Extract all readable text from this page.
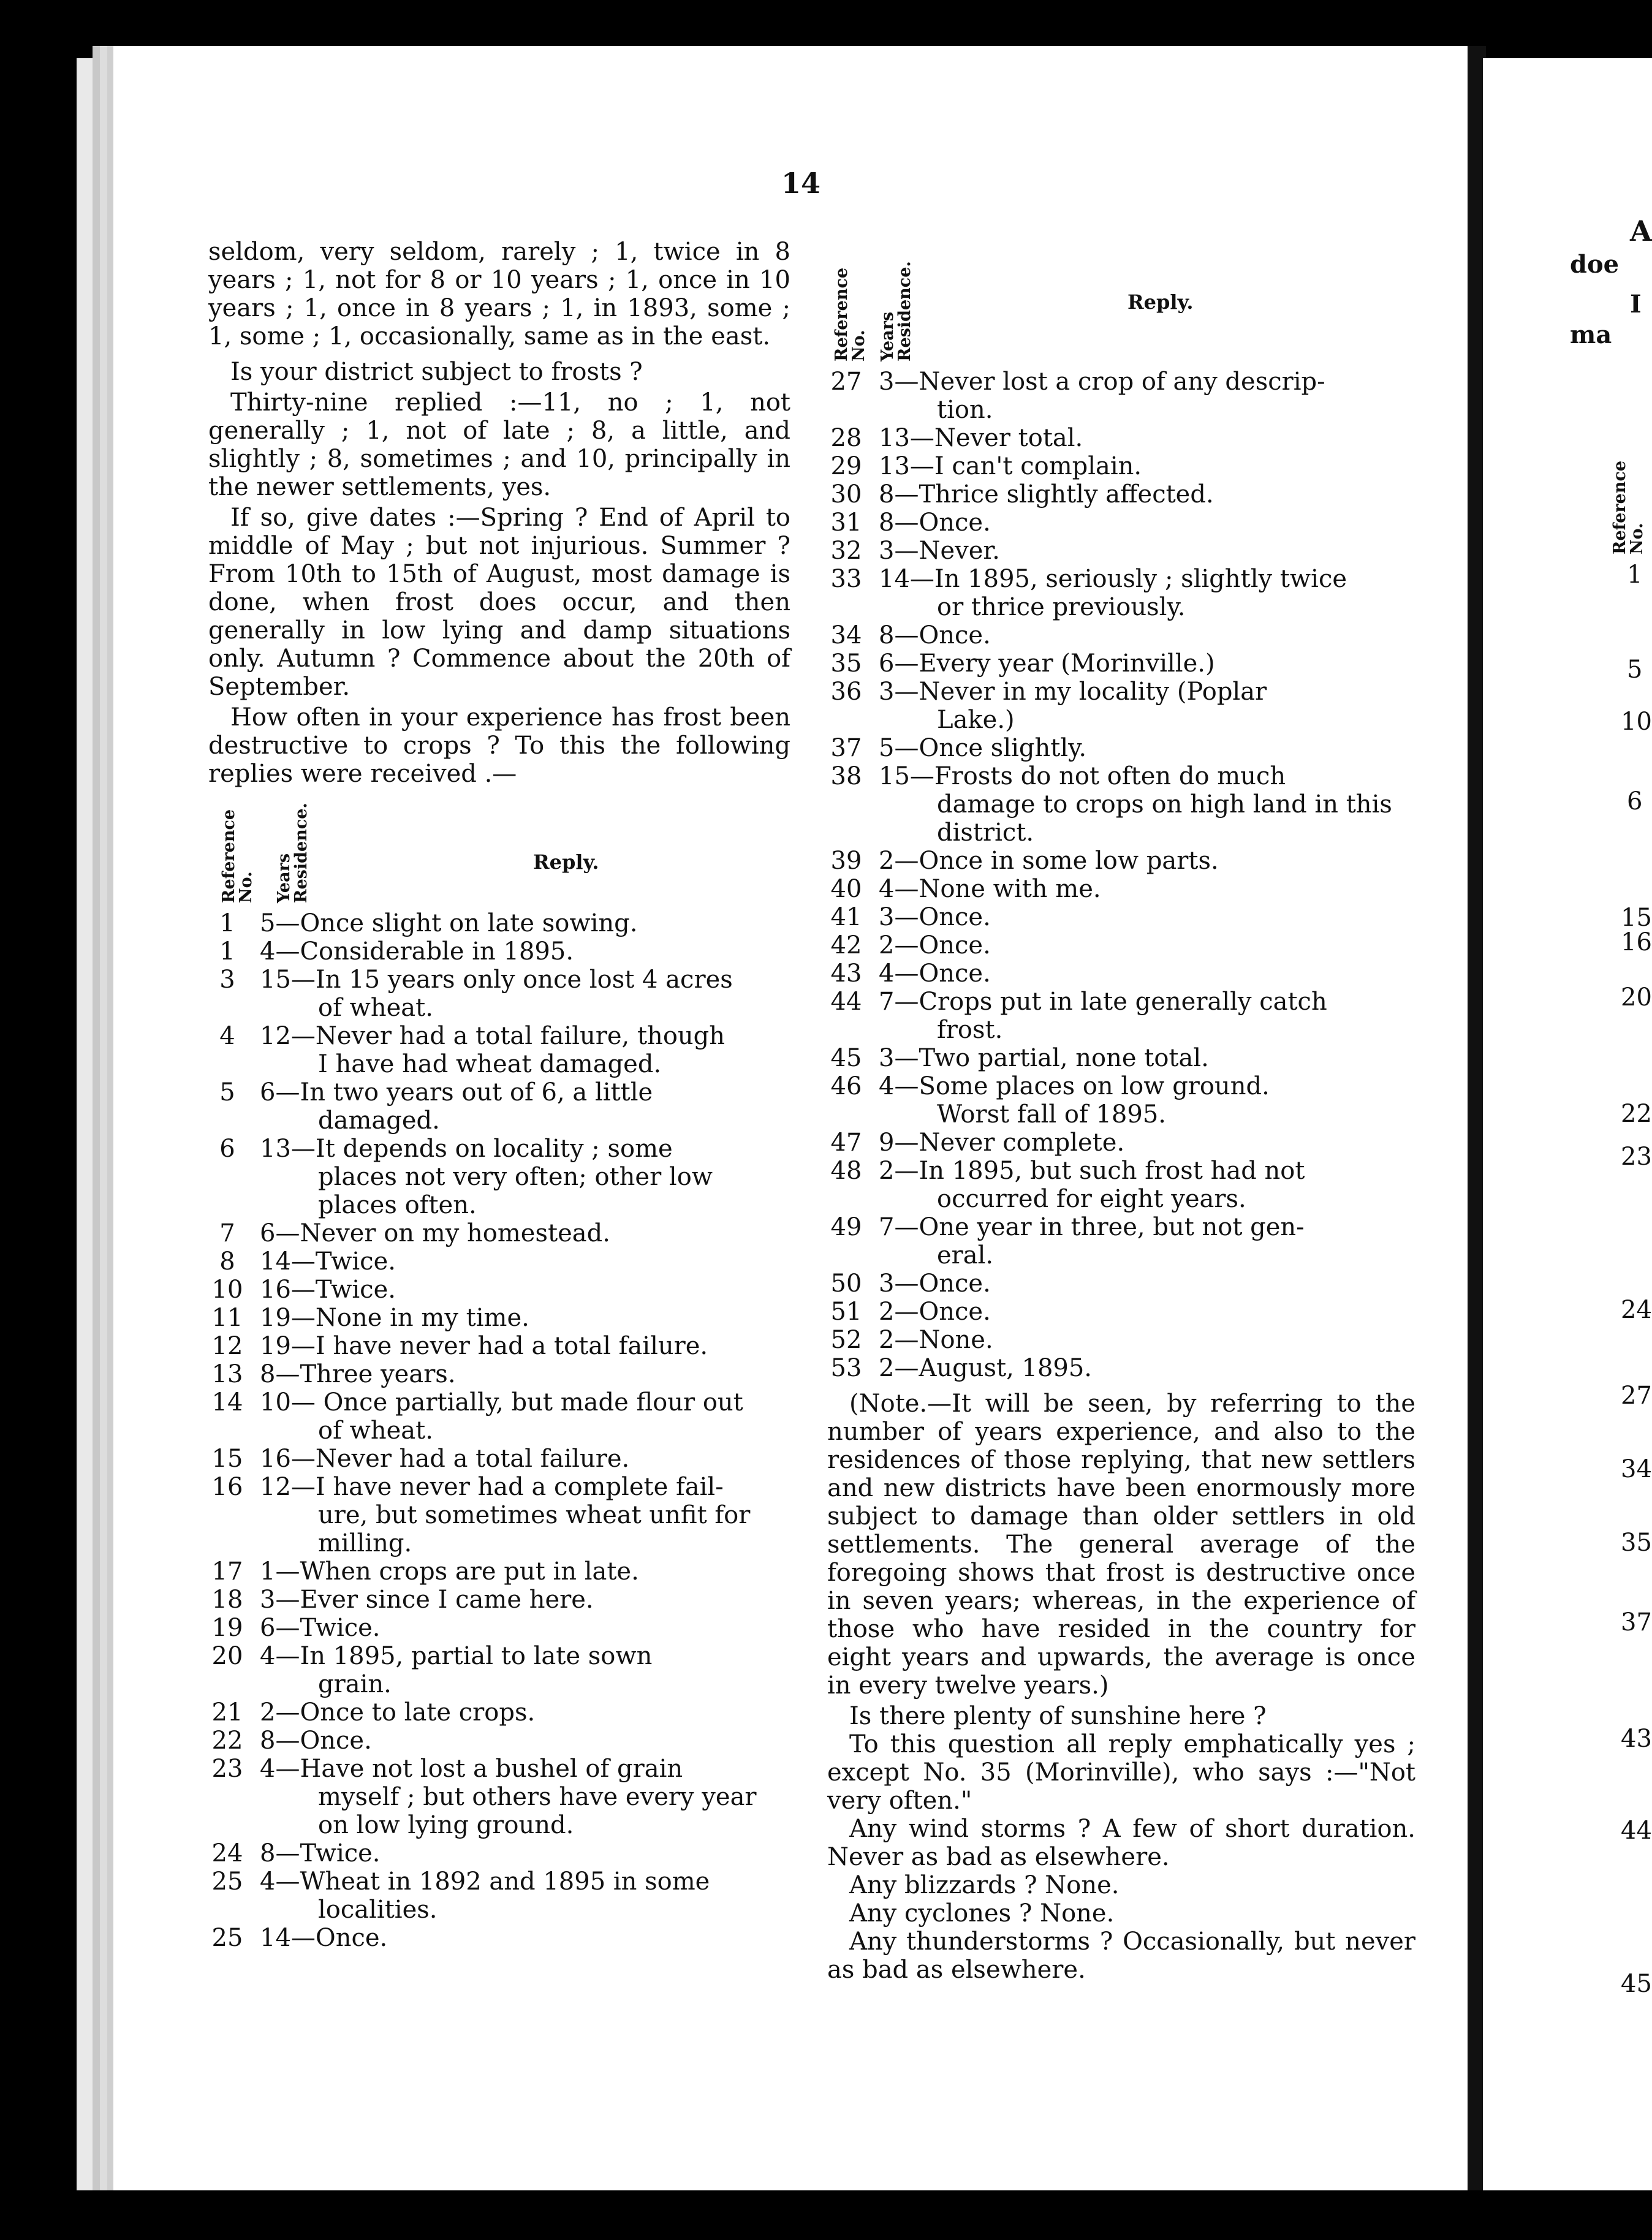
A
doe
I
ma
Reference
No.
1
5
10
6
15
16
20
22
23
24
27
34
35
37
43
44
45
14

seldom, very seldom, rarely ; 1, twice in 8 years ; 1, not for 8 or 10 years ; 1, once in 10 years ; 1, once in 8 years ; 1, in 1893, some ; 1, some ; 1, occasionally, same as in the east.

Is your district subject to frosts ?

Thirty-nine replied :—11, no ; 1, not generally ; 1, not of late ; 8, a little, and slightly ; 8, sometimes ; and 10, principally in the newer settlements, yes.

If so, give dates :—Spring ? End of April to middle of May ; but not injurious. Summer ? From 10th to 15th of August, most damage is done, when frost does occur, and then generally in low lying and damp situations only. Autumn ? Commence about the 20th of September.

How often in your experience has frost been destructive to crops ? To this the following replies were received .—

Reference
No. Years
Residence.	Reply.
1	5—Once slight on late sowing.
1	4—Considerable in 1895.
3	15—In 15 years only once lost 4 acres
of wheat.
4	12—Never had a total failure, though
I have had wheat damaged.
5	6—In two years out of 6, a little
damaged.
6	13—It depends on locality ; some
places not very often; other low places often.
7	6—Never on my homestead.
8	14—Twice.
10 16—Twice.
11 19—None in my time.
12 19—I have never had a total failure.
13 8—Three years.
14 10— Once partially, but made flour out
of wheat.
15 16—Never had a total failure.
16 12—I have never had a complete fail-
ure, but sometimes wheat unfit for milling.
17 1—When crops are put in late.
18 3—Ever since I came here.
19 6—Twice.
20 4—In 1895, partial to late sown
grain.
21 2—Once to late crops.
22 8—Once.
23 4—Have not lost a bushel of grain
myself ; but others have every year on low lying ground.
24 8—Twice.
25 4—Wheat in 1892 and 1895 in some
localities.
25 14—Once.
Reference
No. Years
Residence.	Reply.
27 3—Never lost a crop of any descrip-
tion.
28 13—Never total.
29 13—I can't complain.
30 8—Thrice slightly affected.
31 8—Once.
32 3—Never.
33 14—In 1895, seriously ; slightly twice
or thrice previously.
34 8—Once.
35 6—Every year (Morinville.)
36 3—Never in my locality (Poplar
Lake.)
37 5—Once slightly.
38 15—Frosts do not often do much
damage to crops on high land in this district.
39 2—Once in some low parts.
40 4—None with me.
41 3—Once.
42 2—Once.
43 4—Once.
44 7—Crops put in late generally catch
frost.
45 3—Two partial, none total.
46 4—Some places on low ground.
Worst fall of 1895.
47 9—Never complete.
48 2—In 1895, but such frost had not
occurred for eight years.
49 7—One year in three, but not gen-
eral.
50 3—Once.
51 2—Once.
52 2—None.
53 2—August, 1895.

(Note.—It will be seen, by referring to the number of years experience, and also to the residences of those replying, that new settlers and new districts have been enormously more subject to damage than older settlers in old settlements. The general average of the foregoing shows that frost is destructive once in seven years; whereas, in the experience of those who have resided in the country for eight years and upwards, the average is once in every twelve years.)

Is there plenty of sunshine here ?

To this question all reply emphatically yes ; except No. 35 (Morinville), who says :—"Not very often."

Any wind storms ? A few of short duration. Never as bad as elsewhere.

Any blizzards ? None.

Any cyclones ? None.

Any thunderstorms ? Occasionally, but never as bad as elsewhere.
